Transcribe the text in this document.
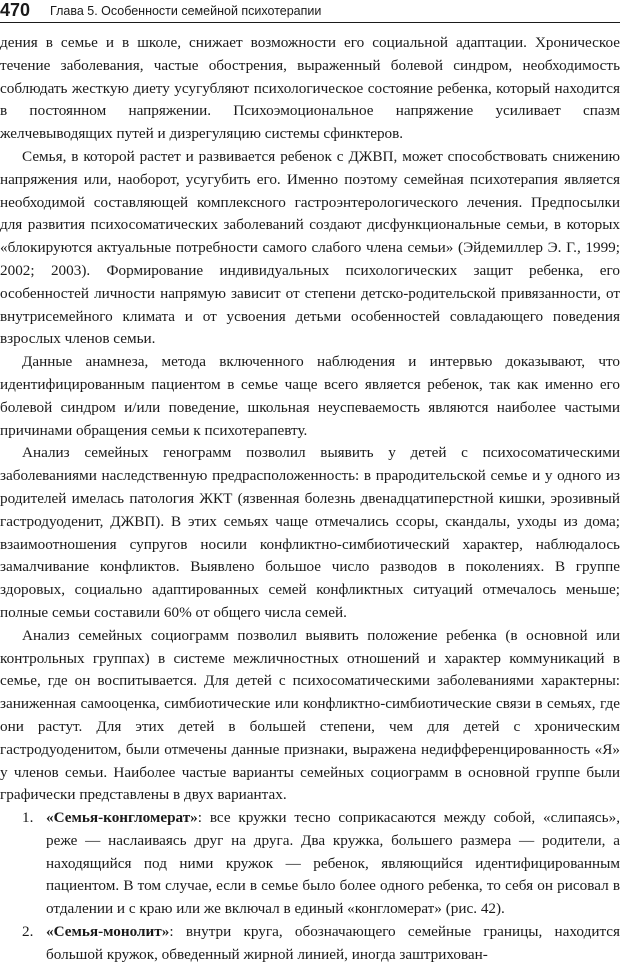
470 Глава 5. Особенности семейной психотерапии

дения в семье и в школе, снижает возможности его социальной адаптации. Хроническое течение заболевания, частые обострения, выраженный болевой синдром, необходимость соблюдать жесткую диету усугубляют психологическое состояние ребенка, который находится в постоянном напряжении. Психоэмоциональное напряжение усиливает спазм желчевыводящих путей и дизрегуляцию системы сфинктеров.

Семья, в которой растет и развивается ребенок с ДЖВП, может способствовать снижению напряжения или, наоборот, усугубить его. Именно поэтому семейная психотерапия является необходимой составляющей комплексного гастроэнтерологического лечения. Предпосылки для развития психосоматических заболеваний создают дисфункциональные семьи, в которых «блокируются актуальные потребности самого слабого члена семьи» (Эйдемиллер Э. Г., 1999; 2002; 2003). Формирование индивидуальных психологических защит ребенка, его особенностей личности напрямую зависит от степени детско-родительской привязанности, от внутрисемейного климата и от усвоения детьми особенностей совладающего поведения взрослых членов семьи.

Данные анамнеза, метода включенного наблюдения и интервью доказывают, что идентифицированным пациентом в семье чаще всего является ребенок, так как именно его болевой синдром и/или поведение, школьная неуспеваемость являются наиболее частыми причинами обращения семьи к психотерапевту.

Анализ семейных генограмм позволил выявить у детей с психосоматическими заболеваниями наследственную предрасположенность: в прародительской семье и у одного из родителей имелась патология ЖКТ (язвенная болезнь двенадцатиперстной кишки, эрозивный гастродуоденит, ДЖВП). В этих семьях чаще отмечались ссоры, скандалы, уходы из дома; взаимоотношения супругов носили конфликтно-симбиотический характер, наблюдалось замалчивание конфликтов. Выявлено большое число разводов в поколениях. В группе здоровых, социально адаптированных семей конфликтных ситуаций отмечалось меньше; полные семьи составили 60% от общего числа семей.

Анализ семейных социограмм позволил выявить положение ребенка (в основной или контрольных группах) в системе межличностных отношений и характер коммуникаций в семье, где он воспитывается. Для детей с психосоматическими заболеваниями характерны: заниженная самооценка, симбиотические или конфликтно-симбиотические связи в семьях, где они растут. Для этих детей в большей степени, чем для детей с хроническим гастродуоденитом, были отмечены данные признаки, выражена недифференцированность «Я» у членов семьи. Наиболее частые варианты семейных социограмм в основной группе были графически представлены в двух вариантах.

1. «Семья-конгломерат»: все кружки тесно соприкасаются между собой, «слипаясь», реже — наслаиваясь друг на друга. Два кружка, большего размера — родители, а находящийся под ними кружок — ребенок, являющийся идентифицированным пациентом. В том случае, если в семье было более одного ребенка, то себя он рисовал в отдалении и с краю или же включал в единый «конгломерат» (рис. 42).
2. «Семья-монолит»: внутри круга, обозначающего семейные границы, находится большой кружок, обведенный жирной линией, иногда заштрихован-
